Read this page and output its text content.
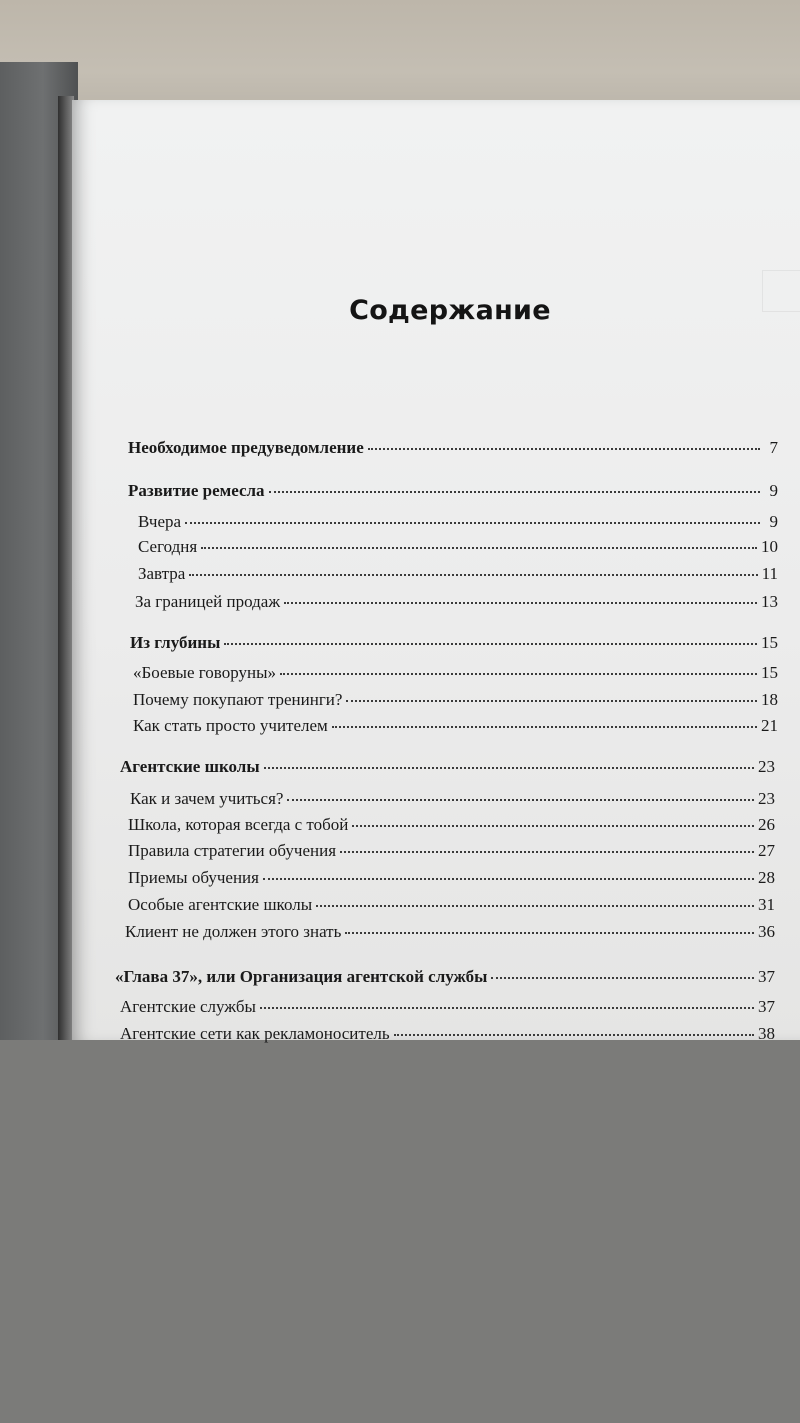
Содержание
Необходимое предуведомление	7
Развитие ремесла	9
Вчера	9
Сегодня	10
Завтра	11
За границей продаж	13
Из глубины	15
«Боевые говоруны»	15
Почему покупают тренинги?	18
Как стать просто учителем	21
Агентские школы	23
Как и зачем учиться?	23
Школа, которая всегда с тобой	26
Правила стратегии обучения	27
Приемы обучения	28
Особые агентские школы	31
Клиент не должен этого знать	36
«Глава 37», или Организация агентской службы	37
Агентские службы	37
Агентские сети как рекламоноситель	38
